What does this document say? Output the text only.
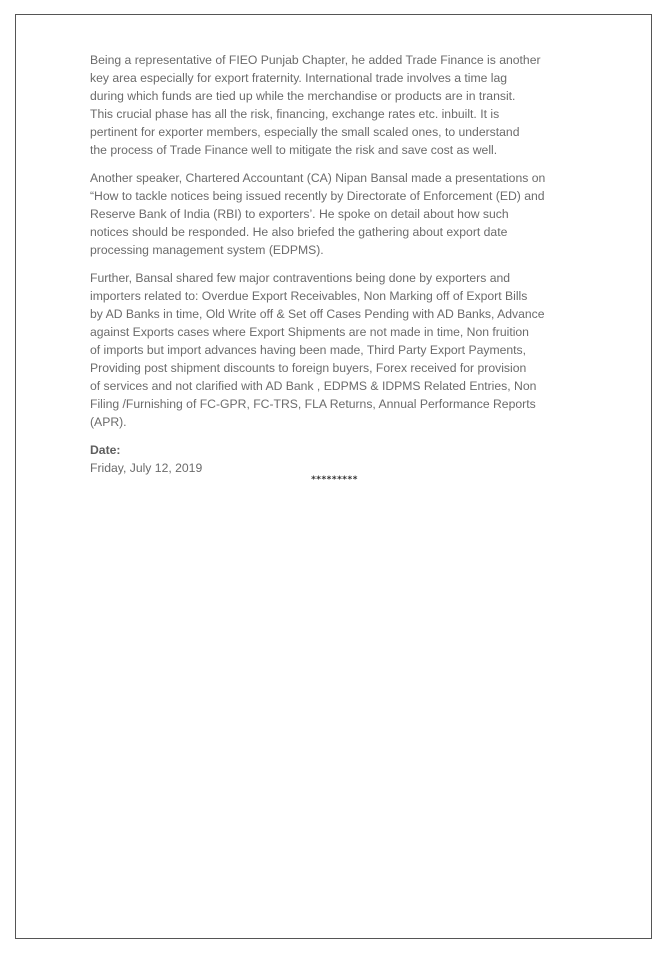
Being a representative of FIEO Punjab Chapter, he added Trade Finance is another
key area especially for export fraternity. International trade involves a time lag
during which funds are tied up while the merchandise or products are in transit.
This crucial phase has all the risk, financing, exchange rates etc. inbuilt. It is
pertinent for exporter members, especially the small scaled ones, to understand
the process of Trade Finance well to mitigate the risk and save cost as well.

Another speaker, Chartered Accountant (CA) Nipan Bansal made a presentations on
“How to tackle notices being issued recently by Directorate of Enforcement (ED) and
Reserve Bank of India (RBI) to exporters’. He spoke on detail about how such
notices should be responded. He also briefed the gathering about export date
processing management system (EDPMS).

Further, Bansal shared few major contraventions being done by exporters and
importers related to: Overdue Export Receivables, Non Marking off of Export Bills
by AD Banks in time, Old Write off & Set off Cases Pending with AD Banks, Advance
against Exports cases where Export Shipments are not made in time, Non fruition
of imports but import advances having been made, Third Party Export Payments,
Providing post shipment discounts to foreign buyers, Forex received for provision
of services and not clarified with AD Bank , EDPMS & IDPMS Related Entries, Non
Filing /Furnishing of FC-GPR, FC-TRS, FLA Returns, Annual Performance Reports
(APR).

Date:

Friday, July 12, 2019

*********
